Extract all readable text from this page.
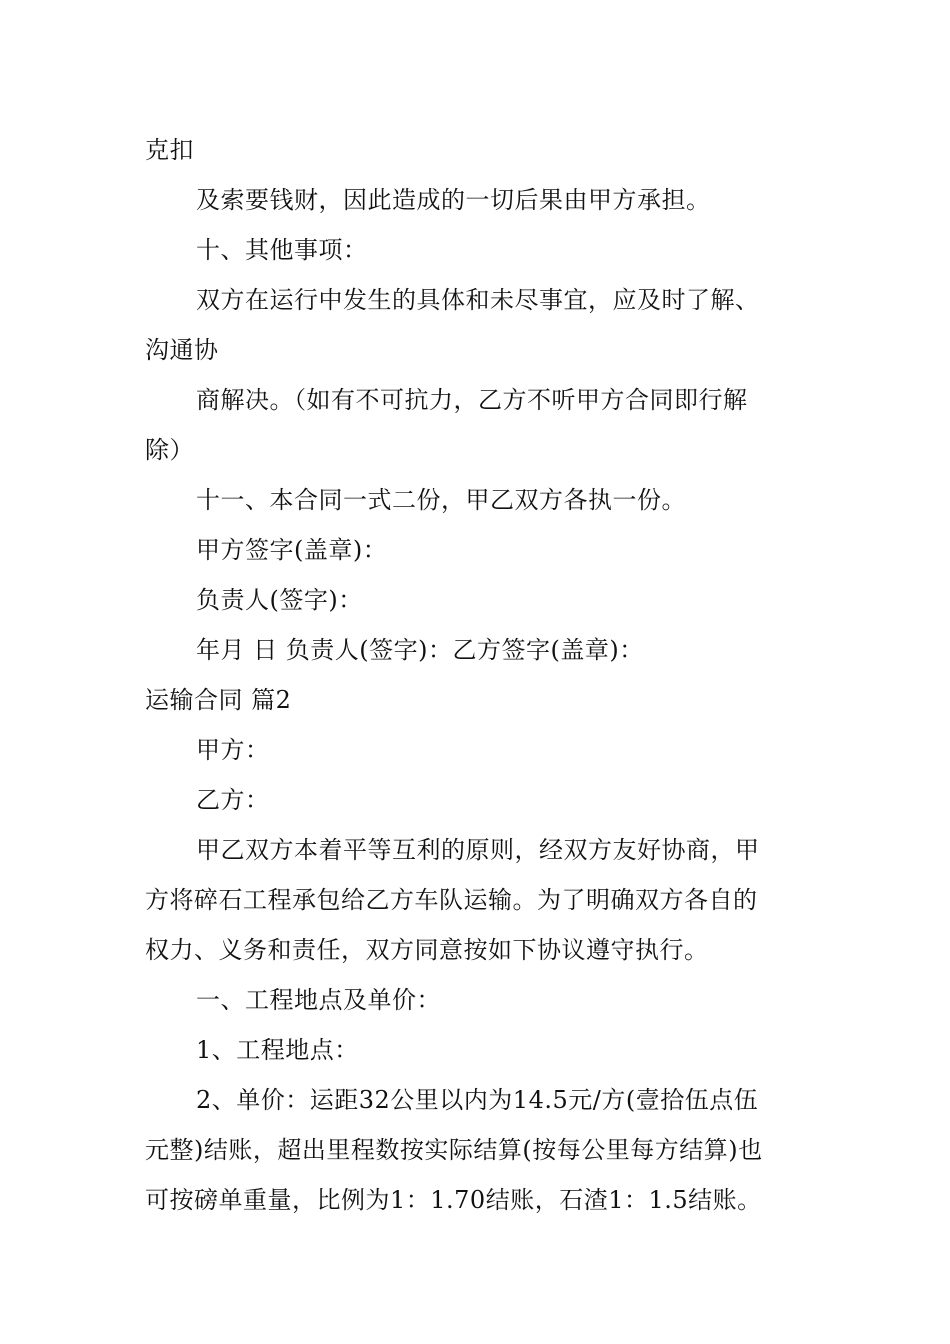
克扣
及索要钱财，因此造成的一切后果由甲方承担。
十、其他事项：
双方在运行中发生的具体和未尽事宜，应及时了解、
沟通协
商解决。（如有不可抗力，乙方不听甲方合同即行解
除）
十一、本合同一式二份，甲乙双方各执一份。
甲方签字(盖章)：
负责人(签字)：
年月 日 负责人(签字)：乙方签字(盖章)：
运输合同 篇2
甲方：
乙方：
甲乙双方本着平等互利的原则，经双方友好协商，甲
方将碎石工程承包给乙方车队运输。为了明确双方各自的
权力、义务和责任，双方同意按如下协议遵守执行。
一、工程地点及单价：
1、工程地点：
2、单价：运距32公里以内为14.5元/方(壹拾伍点伍
元整)结账，超出里程数按实际结算(按每公里每方结算)也
可按磅单重量，比例为1：1.70结账，石渣1：1.5结账。
